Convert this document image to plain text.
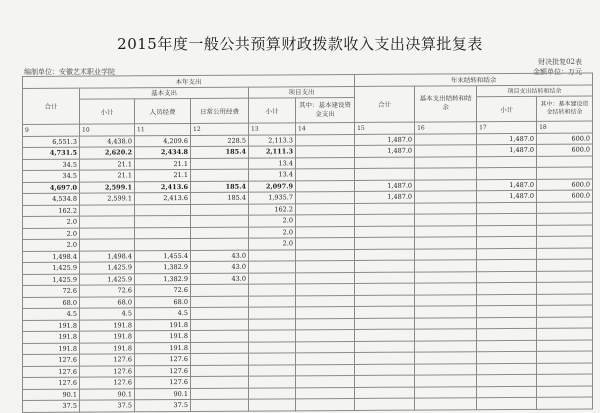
2015年度一般公共预算财政拨款收入支出决算批复表
财决批复02表
金额单位：万元
编制单位：安徽艺术职业学院
本年支出						年末结转和结余			
合计	基本支出			项目支出		合计	基本支出结转和结余	项目支出结转和结余	
	小计	人员经费	日常公用经费	小计	其中：基本建设资金支出			小计	其中：基本建设资金结转和结余

9	10	11	12	13	14	15	16	17	18
6,551.3	4,438.0	4,209.6	228.5	2,113.3		1,487.0		1,487.0	600.0
4,731.5	2,620.2	2,434.8	185.4	2,111.3		1,487.0		1,487.0	600.0
34.5	21.1	21.1		13.4					
34.5	21.1	21.1		13.4					
4,697.0	2,599.1	2,413.6	185.4	2,097.9		1,487.0		1,487.0	600.0
4,534.8	2,599.1	2,413.6	185.4	1,935.7		1,487.0		1,487.0	600.0
162.2				162.2					
2.0				2.0					
2.0				2.0					
2.0				2.0					
1,498.4	1,498.4	1,455.4	43.0						
1,425.9	1,425.9	1,382.9	43.0						
1,425.9	1,425.9	1,382.9	43.0						
72.6	72.6	72.6							
68.0	68.0	68.0							
4.5	4.5	4.5							
191.8	191.8	191.8							
191.8	191.8	191.8							
191.8	191.8	191.8							
127.6	127.6	127.6							
127.6	127.6	127.6							
127.6	127.6	127.6							
90.1	90.1	90.1							
37.5	37.5	37.5							
